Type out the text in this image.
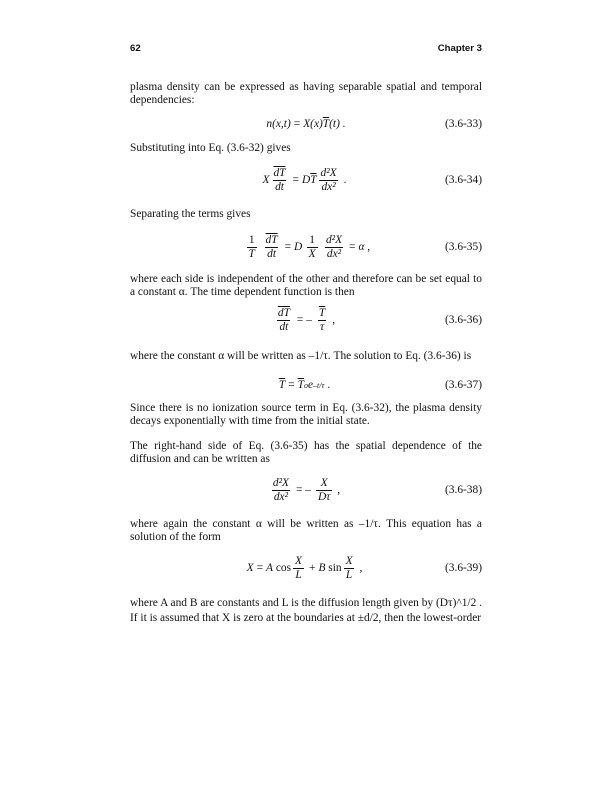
62	Chapter 3

plasma density can be expressed as having separable spatial and temporal dependencies:

n(x,t) = X(x) $\overline{T}$ (t) .	(3.6-33)

Substituting into Eq. (3.6-32) gives

X $\frac{\overline{dT}}{dt} = D$ $\overline{T} \frac{\text{d²X}}{\text{dx²}}$ .	(3.6-34)

Separating the terms gives

$\frac{1}{T} \frac{\overline{dT}}{dt} = D \frac{1}{X} \frac{\text{d²X}}{\text{dx²}} = \alpha$ ,	(3.6-35)

where each side is independent of the other and therefore can be set equal to a constant α. The time dependent function is then

$\frac{\overline{dT}}{dt}$ = – $\frac{\overline{T}}{\tau}$ ,	(3.6-36)

where the constant α will be written as –1/τ. The solution to Eq. (3.6-36) is

$\overline{T} = \overline{T}$ o e –t/τ .	(3.6-37)

Since there is no ionization source term in Eq. (3.6-32), the plasma density decays exponentially with time from the initial state.

The right-hand side of Eq. (3.6-35) has the spatial dependence of the diffusion and can be written as

$\frac{\text{d²X}}{\text{dx²}}$ = – $\frac{X}{D\tau}$ ,	(3.6-38)

where again the constant α will be written as –1/τ. This equation has a solution of the form

X = A
$\cos \frac{X}{L} + B$
$\sin \frac{X}{L}$ ,	(3.6-39)

where A and B are constants and L is the diffusion length given by (Dτ)^1/2 . If it is assumed that X is zero at the boundaries at ±d/2, then the lowest-order
